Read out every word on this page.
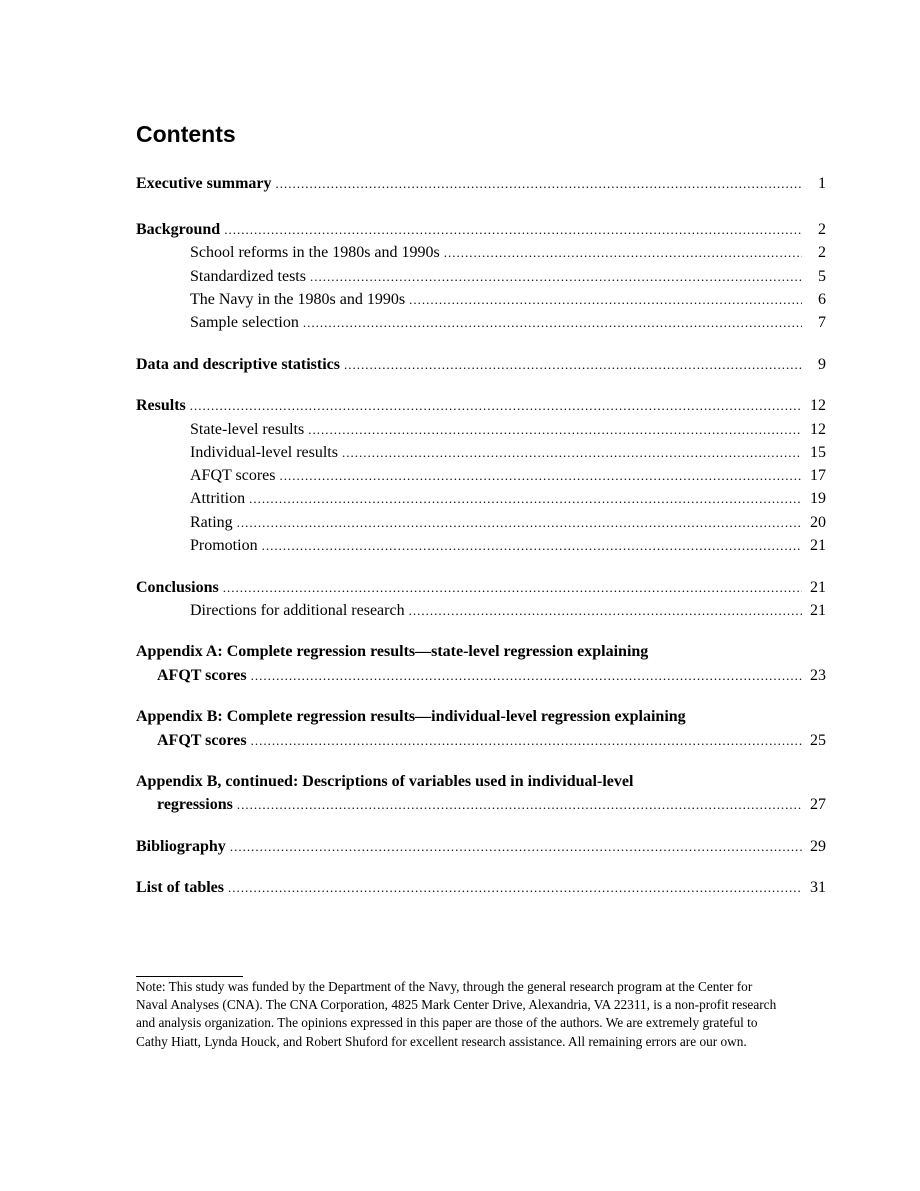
Contents
Executive summary .....	1
Background .....	2
School reforms in the 1980s and 1990s .....	2
Standardized tests .....	5
The Navy in the 1980s and 1990s .....	6
Sample selection .....	7
Data and descriptive statistics .....	9
Results .....	12
State-level results .....	12
Individual-level results .....	15
AFQT scores .....	17
Attrition .....	19
Rating .....	20
Promotion .....	21
Conclusions .....	21
Directions for additional research .....	21
Appendix A: Complete regression results—state-level regression explaining
AFQT scores .....	23
Appendix B: Complete regression results—individual-level regression explaining
AFQT scores .....	25
Appendix B, continued: Descriptions of variables used in individual-level
regressions .....	27
Bibliography .....	29
List of tables .....	31

Note: This study was funded by the Department of the Navy, through the general research program at the Center for Naval Analyses (CNA). The CNA Corporation, 4825 Mark Center Drive, Alexandria, VA 22311, is a non-profit research and analysis organization. The opinions expressed in this paper are those of the authors. We are extremely grateful to Cathy Hiatt, Lynda Houck, and Robert Shuford for excellent research assistance. All remaining errors are our own.
